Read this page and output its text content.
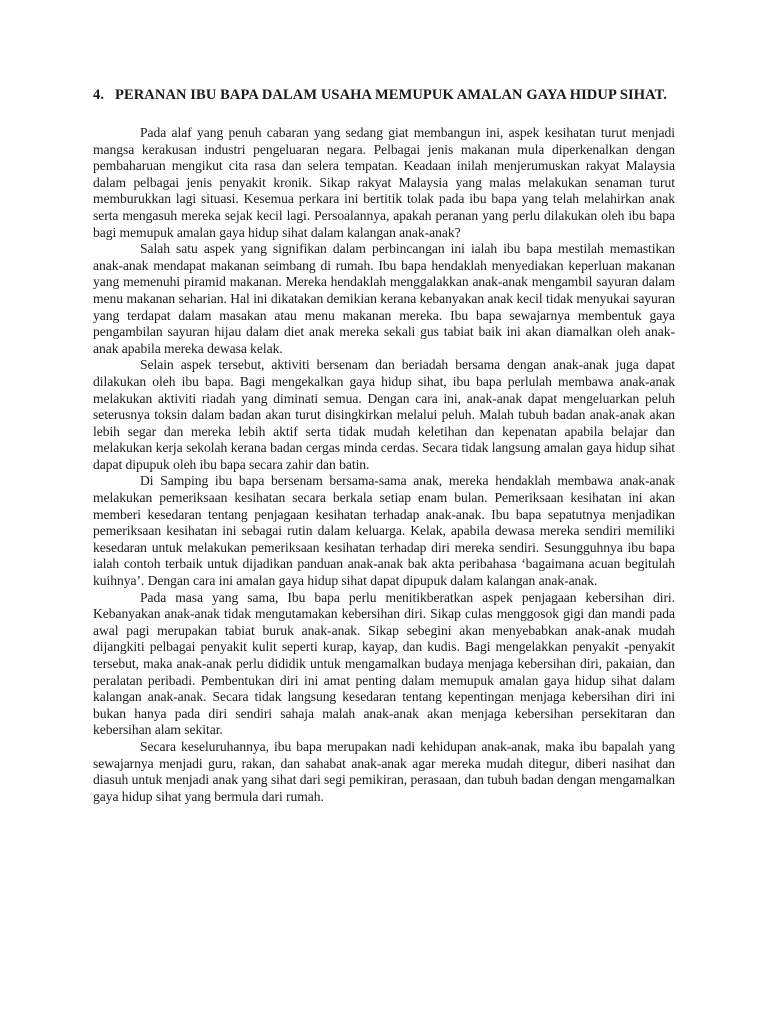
4. PERANAN IBU BAPA DALAM USAHA MEMUPUK AMALAN GAYA HIDUP SIHAT.

Pada alaf yang penuh cabaran yang sedang giat membangun ini, aspek kesihatan turut menjadi mangsa kerakusan industri pengeluaran negara. Pelbagai jenis makanan mula diperkenalkan dengan pembaharuan mengikut cita rasa dan selera tempatan. Keadaan inilah menjerumuskan rakyat Malaysia dalam pelbagai jenis penyakit kronik. Sikap rakyat Malaysia yang malas melakukan senaman turut memburukkan lagi situasi. Kesemua perkara ini bertitik tolak pada ibu bapa yang telah melahirkan anak serta mengasuh mereka sejak kecil lagi. Persoalannya, apakah peranan yang perlu dilakukan oleh ibu bapa bagi memupuk amalan gaya hidup sihat dalam kalangan anak-anak?

Salah satu aspek yang signifikan dalam perbincangan ini ialah ibu bapa mestilah memastikan anak-anak mendapat makanan seimbang di rumah. Ibu bapa hendaklah menyediakan keperluan makanan yang memenuhi piramid makanan. Mereka hendaklah menggalakkan anak-anak mengambil sayuran dalam menu makanan seharian. Hal ini dikatakan demikian kerana kebanyakan anak kecil tidak menyukai sayuran yang terdapat dalam masakan atau menu makanan mereka. Ibu bapa sewajarnya membentuk gaya pengambilan sayuran hijau dalam diet anak mereka sekali gus tabiat baik ini akan diamalkan oleh anak-anak apabila mereka dewasa kelak.

Selain aspek tersebut, aktiviti bersenam dan beriadah bersama dengan anak-anak juga dapat dilakukan oleh ibu bapa. Bagi mengekalkan gaya hidup sihat, ibu bapa perlulah membawa anak-anak melakukan aktiviti riadah yang diminati semua. Dengan cara ini, anak-anak dapat mengeluarkan peluh seterusnya toksin dalam badan akan turut disingkirkan melalui peluh. Malah tubuh badan anak-anak akan lebih segar dan mereka lebih aktif serta tidak mudah keletihan dan kepenatan apabila belajar dan melakukan kerja sekolah kerana badan cergas minda cerdas. Secara tidak langsung amalan gaya hidup sihat dapat dipupuk oleh ibu bapa secara zahir dan batin.

Di Samping ibu bapa bersenam bersama-sama anak, mereka hendaklah membawa anak-anak melakukan pemeriksaan kesihatan secara berkala setiap enam bulan. Pemeriksaan kesihatan ini akan memberi kesedaran tentang penjagaan kesihatan terhadap anak-anak. Ibu bapa sepatutnya menjadikan pemeriksaan kesihatan ini sebagai rutin dalam keluarga. Kelak, apabila dewasa mereka sendiri memiliki kesedaran untuk melakukan pemeriksaan kesihatan terhadap diri mereka sendiri. Sesungguhnya ibu bapa ialah contoh terbaik untuk dijadikan panduan anak-anak bak akta peribahasa ‘bagaimana acuan begitulah kuihnya’. Dengan cara ini amalan gaya hidup sihat dapat dipupuk dalam kalangan anak-anak.

Pada masa yang sama, Ibu bapa perlu menitikberatkan aspek penjagaan kebersihan diri. Kebanyakan anak-anak tidak mengutamakan kebersihan diri. Sikap culas menggosok gigi dan mandi pada awal pagi merupakan tabiat buruk anak-anak. Sikap sebegini akan menyebabkan anak-anak mudah dijangkiti pelbagai penyakit kulit seperti kurap, kayap, dan kudis. Bagi mengelakkan penyakit -penyakit tersebut, maka anak-anak perlu dididik untuk mengamalkan budaya menjaga kebersihan diri, pakaian, dan peralatan peribadi. Pembentukan diri ini amat penting dalam memupuk amalan gaya hidup sihat dalam kalangan anak-anak. Secara tidak langsung kesedaran tentang kepentingan menjaga kebersihan diri ini bukan hanya pada diri sendiri sahaja malah anak-anak akan menjaga kebersihan persekitaran dan kebersihan alam sekitar.

Secara keseluruhannya, ibu bapa merupakan nadi kehidupan anak-anak, maka ibu bapalah yang sewajarnya menjadi guru, rakan, dan sahabat anak-anak agar mereka mudah ditegur, diberi nasihat dan diasuh untuk menjadi anak yang sihat dari segi pemikiran, perasaan, dan tubuh badan dengan mengamalkan gaya hidup sihat yang bermula dari rumah.
